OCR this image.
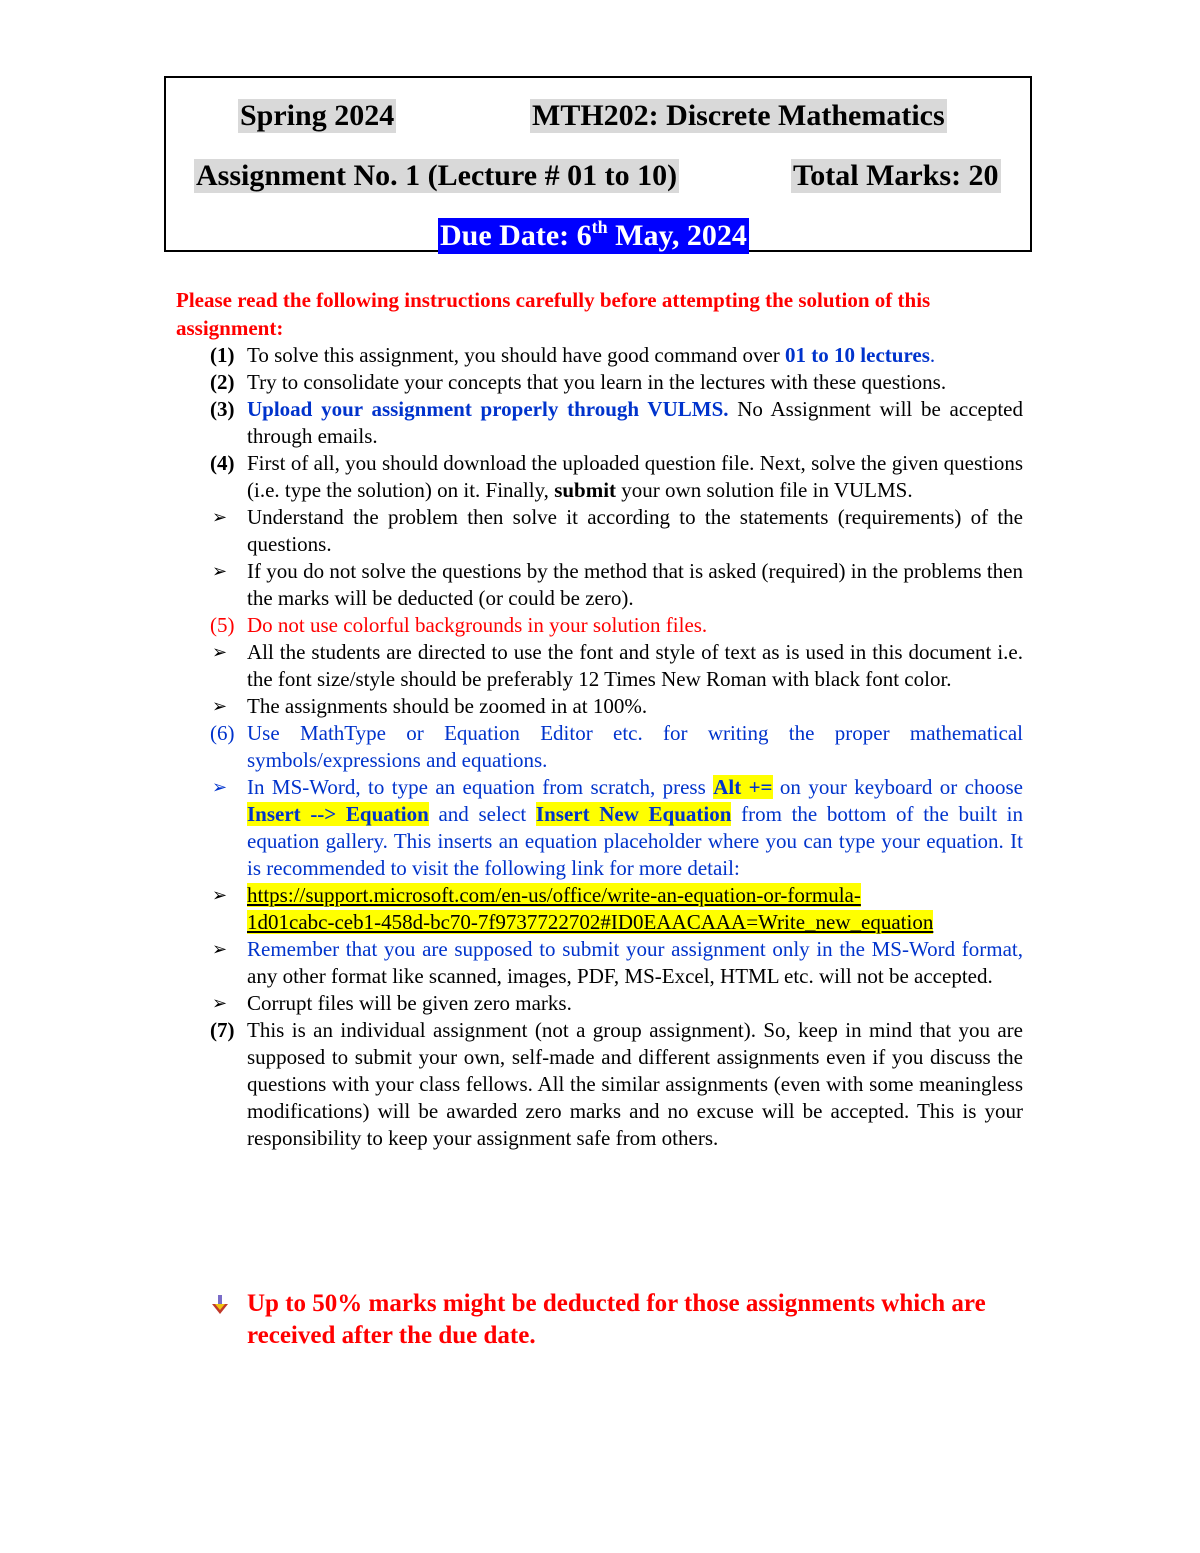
Spring 2024	MTH202: Discrete Mathematics
Assignment No. 1 (Lecture # 01 to 10)	Total Marks: 20
Due Date: 6th May, 2024
Please read the following instructions carefully before attempting the solution of this assignment:
(1) To solve this assignment, you should have good command over 01 to 10 lectures.
(2) Try to consolidate your concepts that you learn in the lectures with these questions.
(3) Upload your assignment properly through VULMS. No Assignment will be accepted through emails.
(4) First of all, you should download the uploaded question file. Next, solve the given questions (i.e. type the solution) on it. Finally, submit your own solution file in VULMS.
➢ Understand the problem then solve it according to the statements (requirements) of the questions.
➢ If you do not solve the questions by the method that is asked (required) in the problems then the marks will be deducted (or could be zero).
(5) Do not use colorful backgrounds in your solution files.
➢ All the students are directed to use the font and style of text as is used in this document i.e. the font size/style should be preferably 12 Times New Roman with black font color.
➢ The assignments should be zoomed in at 100%.
(6) Use MathType or Equation Editor etc. for writing the proper mathematical symbols/expressions and equations.
➢ In MS-Word, to type an equation from scratch, press Alt += on your keyboard or choose Insert --> Equation and select Insert New Equation from the bottom of the built in equation gallery. This inserts an equation placeholder where you can type your equation. It is recommended to visit the following link for more detail:
➢ https://support.microsoft.com/en-us/office/write-an-equation-or-formula-
1d01cabc-ceb1-458d-bc70-7f9737722702#ID0EAACAAA=Write_new_equation
➢ Remember that you are supposed to submit your assignment only in the MS-Word format, any other format like scanned, images, PDF, MS-Excel, HTML etc. will not be accepted.
➢ Corrupt files will be given zero marks.
(7) This is an individual assignment (not a group assignment). So, keep in mind that you are supposed to submit your own, self-made and different assignments even if you discuss the questions with your class fellows. All the similar assignments (even with some meaningless modifications) will be awarded zero marks and no excuse will be accepted. This is your responsibility to keep your assignment safe from others.
Up to 50% marks might be deducted for those assignments which are received after the due date.
